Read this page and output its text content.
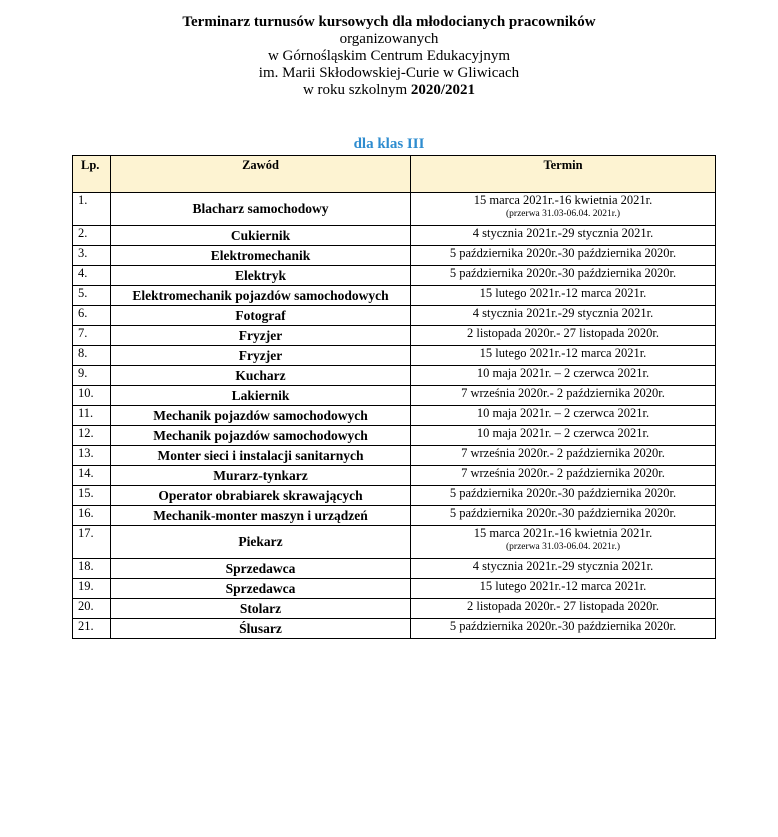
Terminarz turnusów kursowych dla młodocianych pracowników
organizowanych
w Górnośląskim Centrum Edukacyjnym
im. Marii Skłodowskiej-Curie w Gliwicach
w roku szkolnym 2020/2021
dla klas III
Lp.	Zawód	Termin
1.	Blacharz samochodowy	15 marca 2021r.-16 kwietnia 2021r.
(przerwa 31.03-06.04. 2021r.)

2.	Cukiernik	4 stycznia 2021r.-29 stycznia 2021r.
3.	Elektromechanik	5 października 2020r.-30 października 2020r.
4.	Elektryk	5 października 2020r.-30 października 2020r.
5.	Elektromechanik pojazdów samochodowych	15 lutego 2021r.-12 marca 2021r.
6.	Fotograf	4 stycznia 2021r.-29 stycznia 2021r.
7.	Fryzjer	2 listopada 2020r.- 27 listopada 2020r.
8.	Fryzjer	15 lutego 2021r.-12 marca 2021r.
9.	Kucharz	10 maja 2021r. – 2 czerwca 2021r.
10.	Lakiernik	7 września 2020r.- 2 października 2020r.
11.	Mechanik pojazdów samochodowych	10 maja 2021r. – 2 czerwca 2021r.
12.	Mechanik pojazdów samochodowych	10 maja 2021r. – 2 czerwca 2021r.
13.	Monter sieci i instalacji sanitarnych	7 września 2020r.- 2 października 2020r.
14.	Murarz-tynkarz	7 września 2020r.- 2 października 2020r.
15.	Operator obrabiarek skrawających	5 października 2020r.-30 października 2020r.
16.	Mechanik-monter maszyn i urządzeń	5 października 2020r.-30 października 2020r.
17.	Piekarz	15 marca 2021r.-16 kwietnia 2021r.
(przerwa 31.03-06.04. 2021r.)

18.	Sprzedawca	4 stycznia 2021r.-29 stycznia 2021r.
19.	Sprzedawca	15 lutego 2021r.-12 marca 2021r.
20.	Stolarz	2 listopada 2020r.- 27 listopada 2020r.
21.	Ślusarz	5 października 2020r.-30 października 2020r.
